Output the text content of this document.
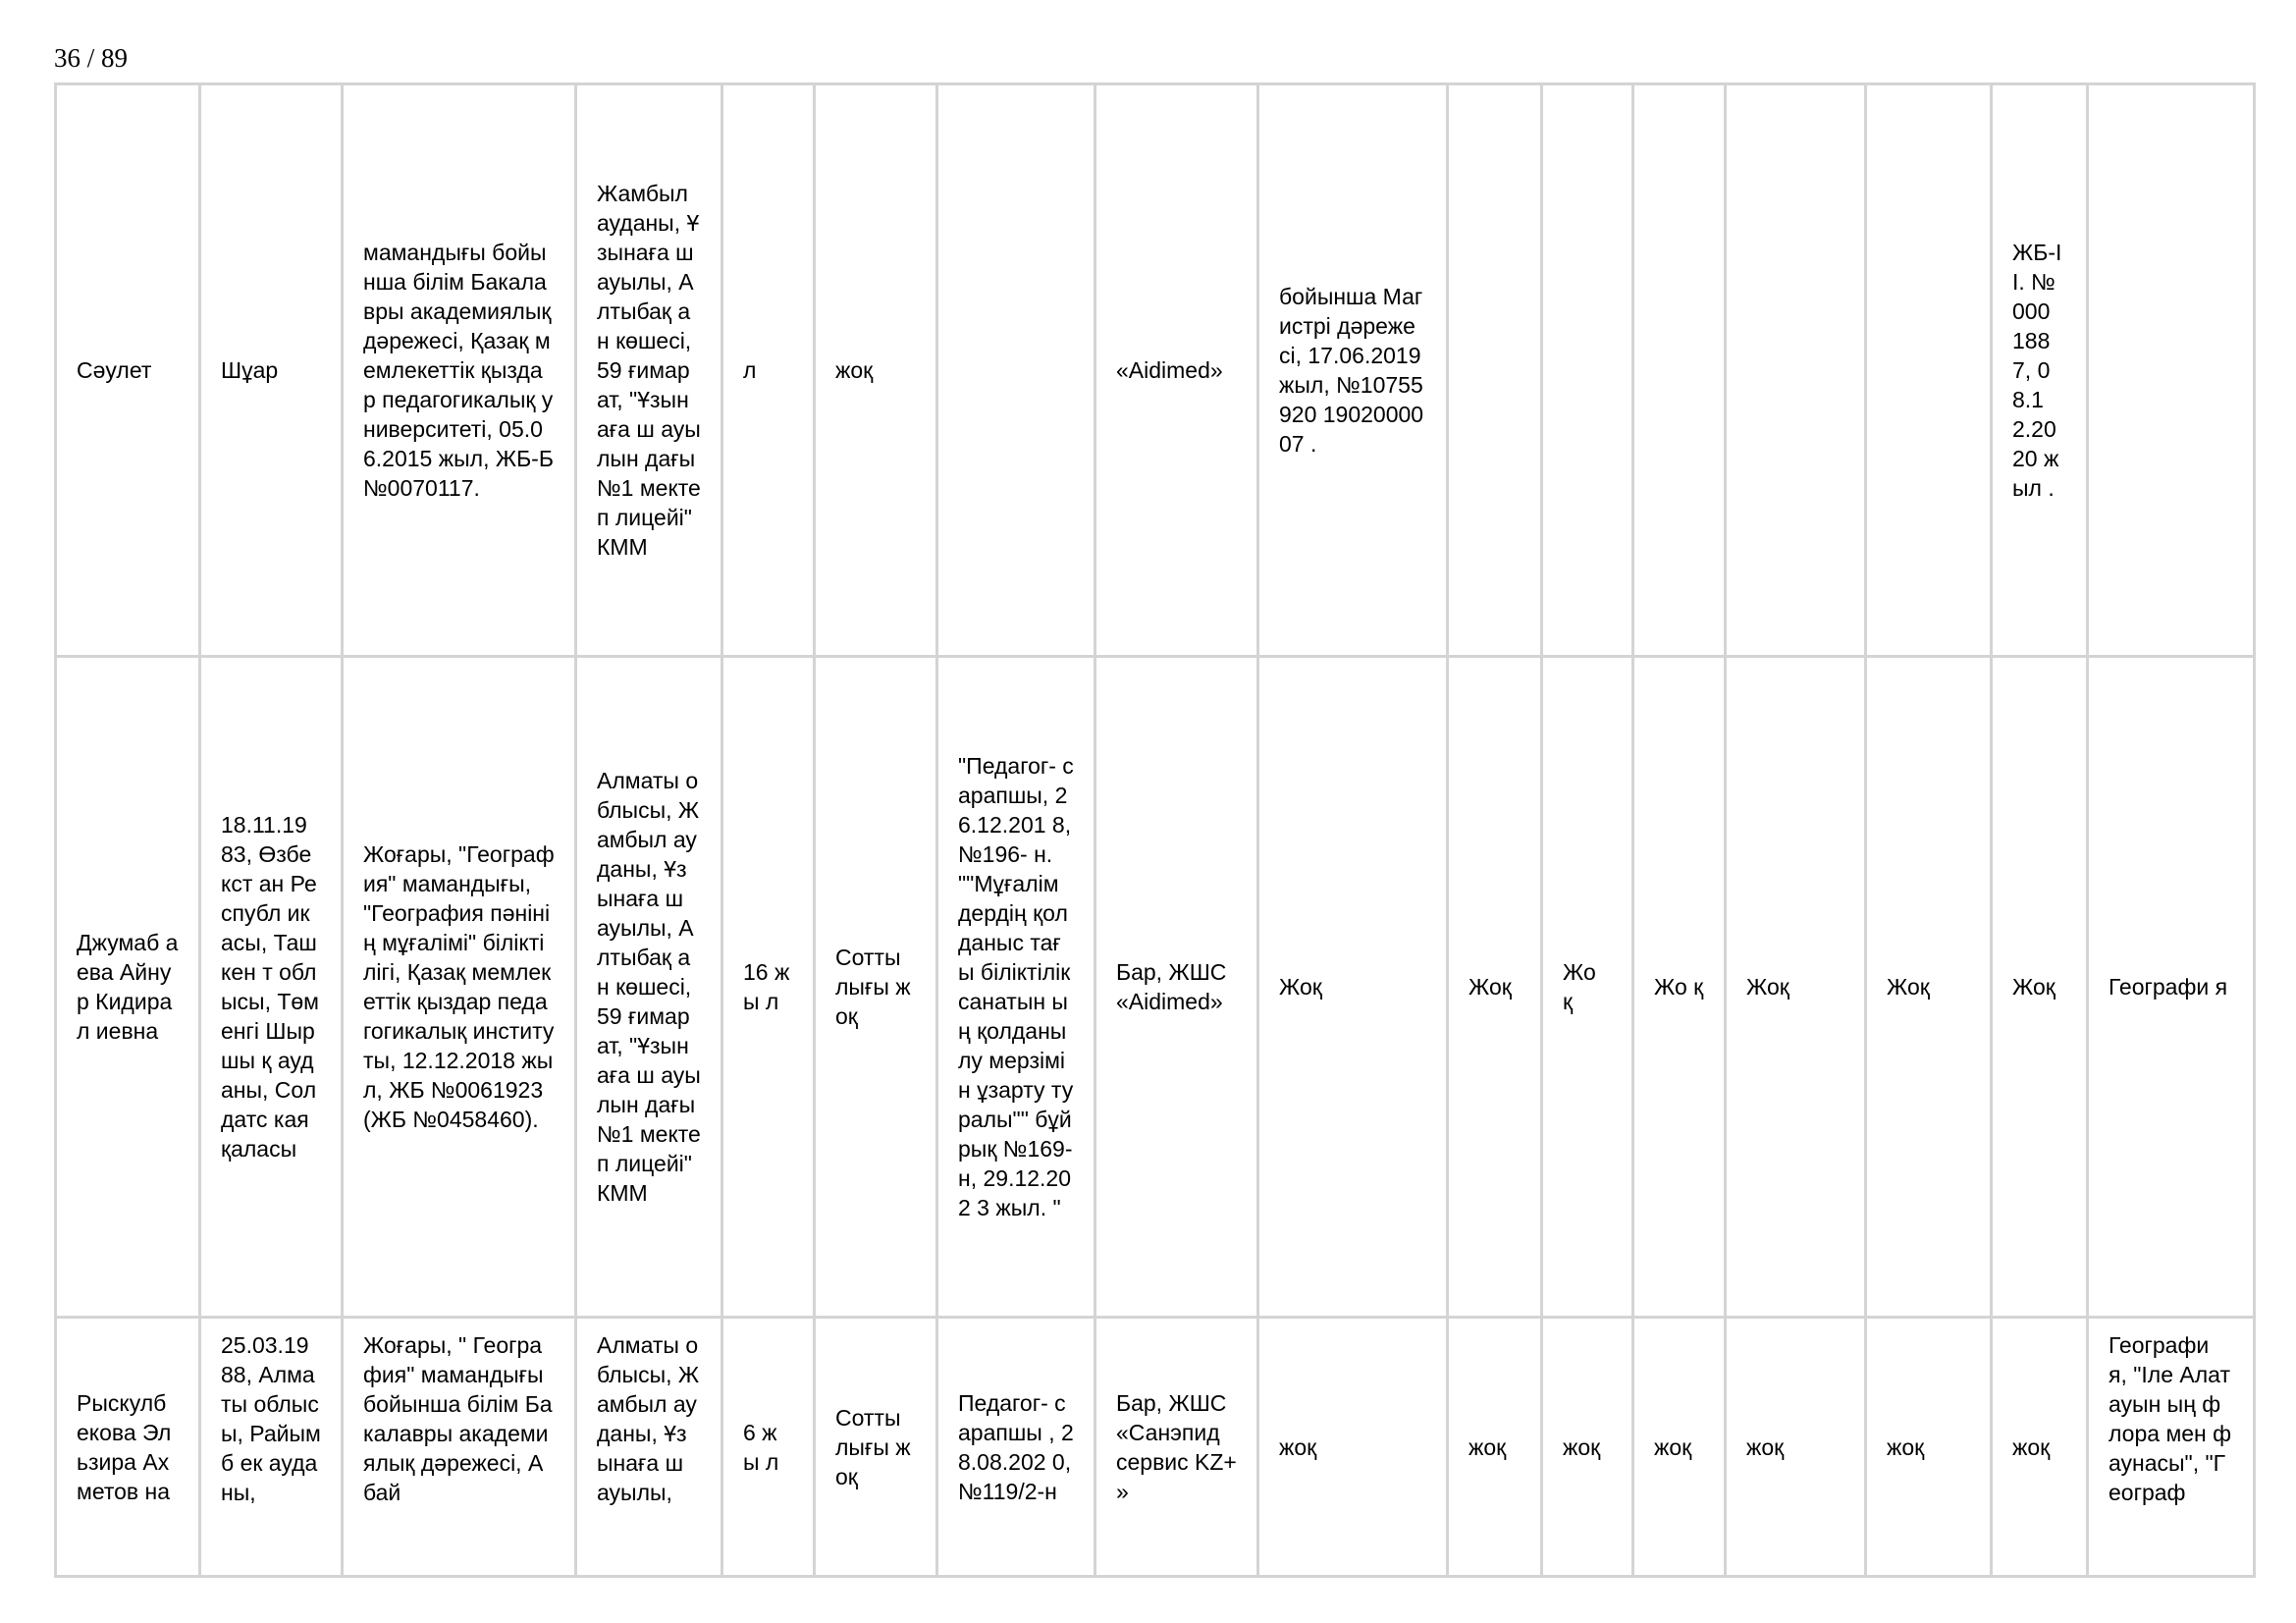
36 / 89
Сәулет	Шұар	мамандығы бойынша білім Бакалавры академиялық дәрежесі, Қазақ мемлекеттік қыздар педагогикалық университеті, 05.06.2015 жыл, ЖБ-Б №0070117.	Жамбыл ауданы, Ұзынаға ш ауылы, Алтыбақ ан көшесі, 59 ғимарат, "Ұзынаға ш ауылын дағы №1 мектеп лицейі" КММ	л	жоқ		«Aidimed»	бойынша Магистрі дәрежесі, 17.06.2019 жыл, №10755920 1902000007 .						ЖБ-II. № 000 188 7, 08.1 2.20 20 жыл .	
Джумаб аева Айнур Кидирал иевна	18.11.19 83, Өзбекст ан Республ икасы, Ташкен т облысы, Төменгі Шыршы қ ауданы, Солдатс кая қаласы	Жоғары, "География" мамандығы, "География пәнінің мұғалімі" біліктілігі, Қазақ мемлекеттік қыздар педагогикалық институты, 12.12.2018 жыл, ЖБ №0061923 (ЖБ №0458460).	Алматы облысы, Жамбыл ауданы, Ұзынаға ш ауылы, Алтыбақ ан көшесі, 59 ғимарат, "Ұзынаға ш ауылын дағы №1 мектеп лицейі" КММ	16 жы л	Сотты лығы жоқ	"Педагог- сарапшы, 26.12.201 8, №196- н. ""Мұғалім дердің қолданыс тағы біліктілік санатын ың қолданы лу мерзімін ұзарту туралы"" бұйрық №169-н, 29.12.202 3 жыл. "	Бар, ЖШС «Aidimed»	Жоқ	Жоқ	Жо қ	Жо қ	Жоқ	Жоқ	Жоқ	Географи я
Рыскулб екова Эльзира Ахметов на	25.03.19 88, Алматы облысы, Райымб ек ауданы,	Жоғары, " География" мамандығы бойынша білім Бакалавры академиялық дәрежесі, Абай	Алматы облысы, Жамбыл ауданы, Ұзынаға ш ауылы,	6 жы л	Сотты лығы жоқ	Педагог- сарапшы , 28.08.202 0, №119/2-н	Бар, ЖШС «Санэпид сервис KZ+ »	жоқ	жоқ	жоқ	жоқ	жоқ	жоқ	жоқ	Географи я, "Іле Алатауын ың флора мен фаунасы", "Географ
